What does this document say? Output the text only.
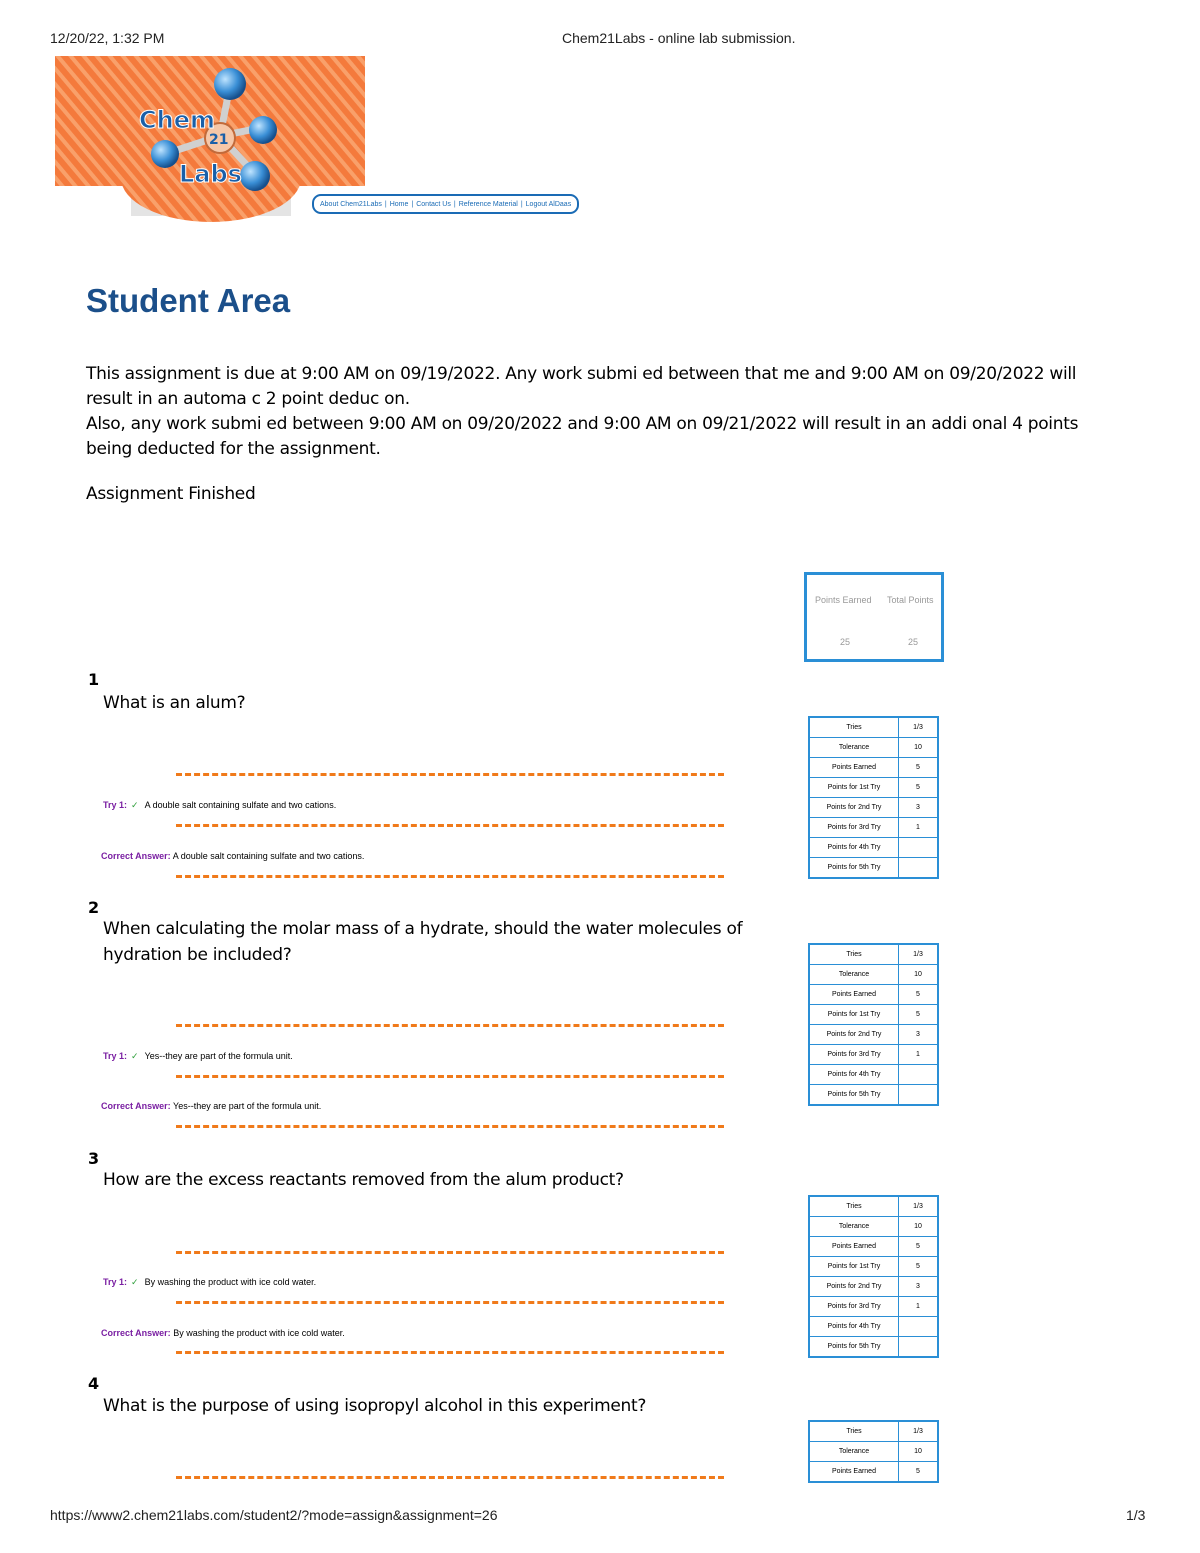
12/20/22, 1:32 PM	Chem21Labs - online lab submission.
Chem
21
Labs
About Chem21Labs | Home | Contact Us | Reference Material | Logout AlDaas
Student Area
This assignment is due at 9:00 AM on 09/19/2022. Any work submi ed between that me and 9:00 AM on 09/20/2022 will result in an automa c 2 point deduc on.
Also, any work submi ed between 9:00 AM on 09/20/2022 and 9:00 AM on 09/21/2022 will result in an addi onal 4 points being deducted for the assignment.
Assignment Finished
Points Earned Total Points
25	25
1
What is an alum?
Try 1: ✓ A double salt containing sulfate and two cations.
Correct Answer: A double salt containing sulfate and two cations.
Tries	1/3
Tolerance	10
Points Earned	5
Points for 1st Try	5
Points for 2nd Try	3
Points for 3rd Try	1
Points for 4th Try	
Points for 5th Try	
2
When calculating the molar mass of a hydrate, should the water molecules of hydration be included?
Try 1: ✓ Yes--they are part of the formula unit.
Correct Answer: Yes--they are part of the formula unit.
Tries	1/3
Tolerance	10
Points Earned	5
Points for 1st Try	5
Points for 2nd Try	3
Points for 3rd Try	1
Points for 4th Try	
Points for 5th Try	
3
How are the excess reactants removed from the alum product?
Try 1: ✓ By washing the product with ice cold water.
Correct Answer: By washing the product with ice cold water.
Tries	1/3
Tolerance	10
Points Earned	5
Points for 1st Try	5
Points for 2nd Try	3
Points for 3rd Try	1
Points for 4th Try	
Points for 5th Try	
4
What is the purpose of using isopropyl alcohol in this experiment?
Tries	1/3
Tolerance	10
Points Earned	5
https://www2.chem21labs.com/student2/?mode=assign&assignment=26	1/3
